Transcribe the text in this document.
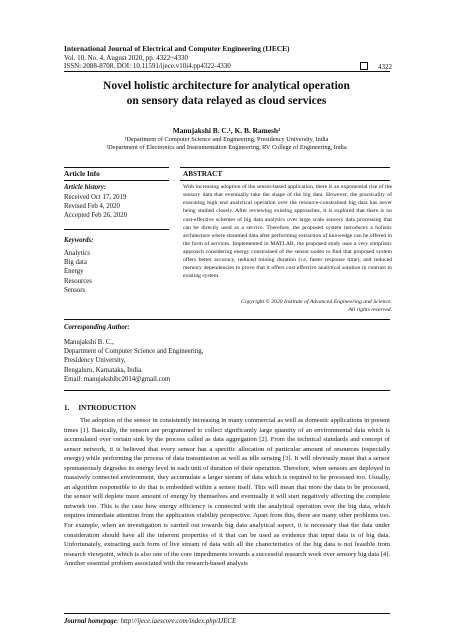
International Journal of Electrical and Computer Engineering (IJECE)
Vol. 10, No. 4, August 2020, pp. 4322~4330
ISSN: 2088-8708, DOI: 10.11591/ijece.v10i4.pp4322-4330	4322
Novel holistic architecture for analytical operation
on sensory data relayed as cloud services
Manujakshi B. C.¹, K. B. Ramesh²
¹Department of Computer Science and Engineering, Presidency University, India
²Department of Electronics and Instrumentation Engineering, RV College of Engineering, India
Article Info	ABSTRACT
Article history:
Received Oct 17, 2019
Revised Feb 4, 2020
Accepted Feb 26, 2020
Keywords:
Analytics
Big data
Energy
Resources
Sensors
With increasing adoption of the sensor-based application, there is an exponential rise of the sensory data that eventually take the shape of the big data. However, the practicality of executing high end analytical operation over the resource-constrained big data has never being studied closely. After reviewing existing approaches, it is explored that there is no cost-effective schemes of big data analytics over large scale sensory data processing that can be directly used as a service. Therefore, the proposed system introduces a holistic architecture where streamed data after performing extraction of knowedge can be offered in the form of services. Implemented in MATLAB, the proposed study uses a very simplistic approach considering energy constrained of the sensor nodes to find that proposed system offers better accuracy, reduced mining duration (i.e. faster response time), and reduced memory dependencies to prove that it offers cost effective analytical solution in contrast to existing system.
Copyright © 2020 Institute of Advanced Engineering and Science.
All rights reserved.
Corresponding Author:
Manujakshi B. C.,
Department of Computer Science and Engineering,
Presidency University,
Bengaluru, Karnataka, India.
Email: manujakshibc2014@gmail.com
1.     INTRODUCTION
The adoption of the sensor in consistently increasing in many commercial as well as domestic applications in present times [1]. Basically, the sensors are programmed to collect significantly large quantity of an environmental data which is accumulated over certain sink by the process called as data aggregation [2]. From the technical standards and concept of sensor network, it is believed that every sensor has a specific allocation of particular amount of resources (especially energy) while performing the process of data transmission as well as idle sensing [3]. It will obviously mean that a sensor spontaneously degrades its energy level in each unit of duration of their operation. Therefore, when sensors are deployed in massively connected environment, they accumulate a larger stream of data which is required to be processed too. Usually, an algorithm responsible to do that is embedded within a sensor itself. This will mean that more the data to be processed, the sensor will deplete more amount of energy by themselves and eventually it will start negatively affecting the complete network too. This is the case how energy efficiency is connected with the analytical operation over the big data, which requires immediate attention from the application viability perspective. Apart from this, there are many other problems too. For example, when an investigation is carried out towards big data analytical aspect, it is necessary that the data under consideration should have all the inherent properties of it that can be used as evidence that input data is of big data. Unfortunately, extracting such form of live stream of data with all the charecteristics of the big data is not feasible from research viewpoint, which is also one of the core impediments towards a successful research work over sensory big data [4]. Another essential problem associated with the research-based analysis
Journal homepage: http://ijece.iaescore.com/index.php/IJECE
